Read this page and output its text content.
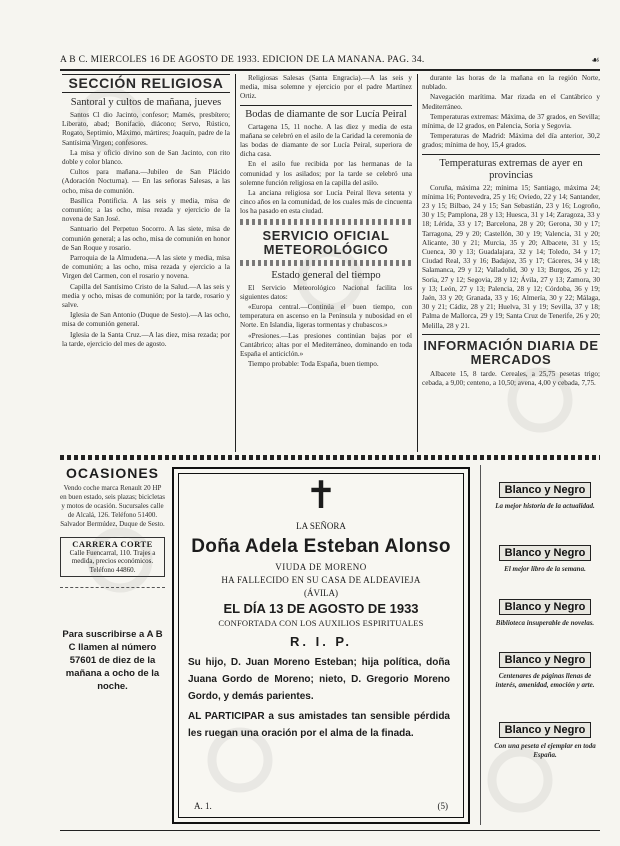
A B C. MIÉRCOLES 16 DE AGOSTO DE 1933. EDICIÓN DE LA MAÑANA. PAG. 34.	☙
SECCIÓN RELIGIOSA
Santoral y cultos de mañana, jueves

Santos Cl dio Jacinto, confesor; Mamés, presbítero; Liberato, abad; Bonifacio, diácono; Servo, Rústico, Rogato, Septimio, Máximo, mártires; Joaquín, padre de la Santísima Virgen; confesores.

La misa y oficio divino son de San Jacinto, con rito doble y color blanco.

Cultos para mañana.—Jubileo de San Plácido (Adoración Nocturna). — En las señoras Salesas, a las ocho, misa de comunión.

Basílica Pontificia. A las seis y media, misa de comunión; a las ocho, misa rezada y ejercicio de la novena de San José.

Santuario del Perpetuo Socorro. A las siete, misa de comunión general; a las ocho, misa de comunión en honor de San Roque y rosario.

Parroquia de la Almudena.—A las siete y media, misa de comunión; a las ocho, misa rezada y ejercicio a la Virgen del Carmen, con el rosario y novena.

Capilla del Santísimo Cristo de la Salud.—A las seis y media y ocho, misas de comunión; por la tarde, rosario y salve.

Iglesia de San Antonio (Duque de Sesto).—A las ocho, misa de comunión general.

Iglesia de la Santa Cruz.—A las diez, misa rezada; por la tarde, ejercicio del mes de agosto.

Religiosas Salesas (Santa Engracia).—A las seis y media, misa solemne y ejercicio por el padre Martínez Ortiz.

Bodas de diamante de sor Lucía Peiral

Cartagena 15, 11 noche. A las diez y media de esta mañana se celebró en el asilo de la Caridad la ceremonia de las bodas de diamante de sor Lucía Peiral, superiora de dicha casa.

En el asilo fue recibida por las hermanas de la comunidad y los asilados; por la tarde se celebró una solemne función religiosa en la capilla del asilo.

La anciana religiosa sor Lucía Peiral lleva setenta y cinco años en la comunidad, de los cuales más de cincuenta los ha pasado en esta ciudad.

SERVICIO OFICIAL METEOROLÓGICO
Estado general del tiempo

El Servicio Meteorológico Nacional facilita los siguientes datos:

«Europa central.—Continúa el buen tiempo, con temperatura en ascenso en la Península y nubosidad en el Norte. En Islandia, ligeras tormentas y chubascos.»

«Presiones.—Las presiones continúan bajas por el Cantábrico; altas por el Mediterráneo, dominando en toda España el anticiclón.»

Tiempo probable: Toda España, buen tiempo.

durante las horas de la mañana en la región Norte, nublado.

Navegación marítima. Mar rizada en el Cantábrico y Mediterráneo.

Temperaturas extremas: Máxima, de 37 grados, en Sevilla; mínima, de 12 grados, en Palencia, Soria y Segovia.

Temperaturas de Madrid: Máxima del día anterior, 30,2 grados; mínima de hoy, 15,4 grados.

Temperaturas extremas de ayer en provincias

Coruña, máxima 22; mínima 15; Santiago, máxima 24; mínima 16; Pontevedra, 25 y 16; Oviedo, 22 y 14; Santander, 23 y 15; Bilbao, 24 y 15; San Sebastián, 23 y 16; Logroño, 30 y 15; Pamplona, 28 y 13; Huesca, 31 y 14; Zaragoza, 33 y 18; Lérida, 33 y 17; Barcelona, 28 y 20; Gerona, 30 y 17; Tarragona, 29 y 20; Castellón, 30 y 19; Valencia, 31 y 20; Alicante, 30 y 21; Murcia, 35 y 20; Albacete, 31 y 15; Cuenca, 30 y 13; Guadalajara, 32 y 14; Toledo, 34 y 17; Ciudad Real, 33 y 16; Badajoz, 35 y 17; Cáceres, 34 y 18; Salamanca, 29 y 12; Valladolid, 30 y 13; Burgos, 26 y 12; Soria, 27 y 12; Segovia, 28 y 12; Ávila, 27 y 13; Zamora, 30 y 13; León, 27 y 13; Palencia, 28 y 12; Córdoba, 36 y 19; Jaén, 33 y 20; Granada, 33 y 16; Almería, 30 y 22; Málaga, 30 y 21; Cádiz, 28 y 21; Huelva, 31 y 19; Sevilla, 37 y 18; Palma de Mallorca, 29 y 19; Santa Cruz de Tenerife, 26 y 20; Melilla, 28 y 21.

INFORMACIÓN DIARIA DE MERCADOS

Albacete 15, 8 tarde. Cereales, a 25,75 pesetas trigo; cebada, a 9,00; centeno, a 10,50; avena, 4,00 y cebada, 7,75.

OCASIONES
Vendo coche marca Renault 20 HP en buen estado, seis plazas; bicicletas y motos de ocasión. Sucursales calle de Alcalá, 126. Teléfono 51400. Salvador Bermúdez, Duque de Sesto.
CARRERA CORTE
Calle Fuencarral, 110. Trajes a medida, precios económicos. Teléfono 44860.
Para suscribirse a A B C llamen al número 57601 de diez de la mañana a ocho de la noche.
✝
LA SEÑORA
Doña Adela Esteban Alonso
VIUDA DE MORENO
HA FALLECIDO EN SU CASA DE ALDEAVIEJA
(ÁVILA)
EL DÍA 13 DE AGOSTO DE 1933
CONFORTADA CON LOS AUXILIOS ESPIRITUALES
R. I. P.
Su hijo, D. Juan Moreno Esteban; hija política, doña Juana Gordo de Moreno; nieto, D. Gregorio Moreno Gordo, y demás parientes.
AL PARTICIPAR a sus amistades tan sensible pérdida les ruegan una oración por el alma de la finada.
A. 1.	(5)
Blanco y Negro
La mejor historia de la actualidad.
Blanco y Negro
El mejor libro de la semana.
Blanco y Negro
Biblioteca insuperable de novelas.
Blanco y Negro
Centenares de páginas llenas de interés, amenidad, emoción y arte.
Blanco y Negro
Con una peseta el ejemplar en toda España.
